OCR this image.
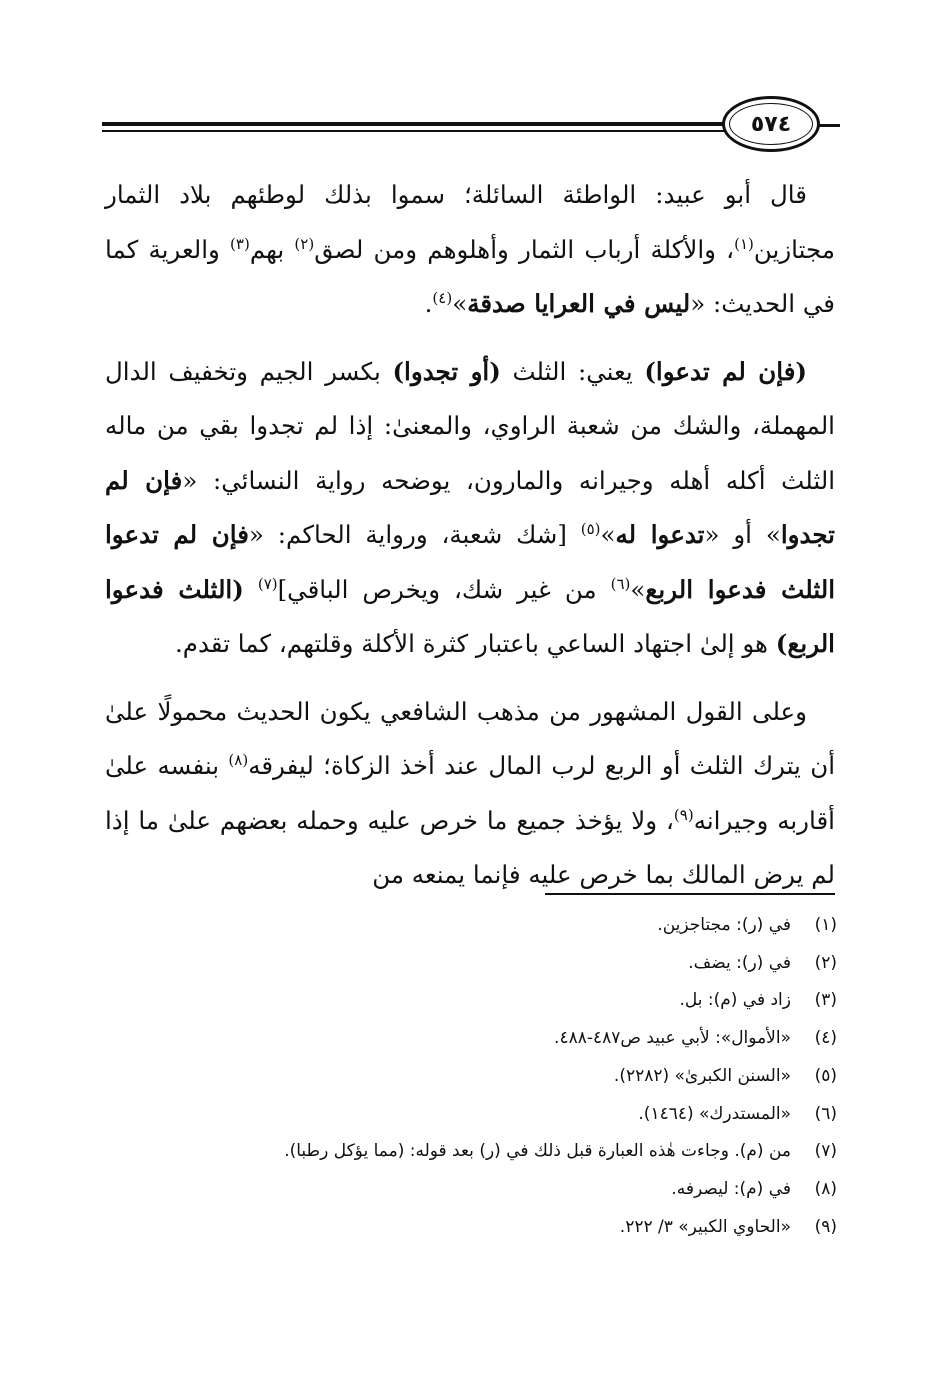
٥٧٤

قال أبو عبيد: الواطئة السائلة؛ سموا بذلك لوطئهم بلاد الثمار مجتازين$^{(١)}$، والأكلة أرباب الثمار وأهلوهم ومن لصق$^{(٢)}$ بهم$^{(٣)}$ والعرية كما في الحديث: «ليس في العرايا صدقة»$^{(٤)}$.

(فإن لم تدعوا) يعني: الثلث (أو تجدوا) بكسر الجيم وتخفيف الدال المهملة، والشك من شعبة الراوي، والمعنىٰ: إذا لم تجدوا بقي من ماله الثلث أكله أهله وجيرانه والمارون، يوضحه رواية النسائي: «فإن لم تجدوا» أو «تدعوا له»$^{(٥)}$ [شك شعبة، ورواية الحاكم: «فإن لم تدعوا الثلث فدعوا الربع»$^{(٦)}$ من غير شك، ويخرص الباقي]$^{(٧)}$ (الثلث فدعوا الربع) هو إلىٰ اجتهاد الساعي باعتبار كثرة الأكلة وقلتهم، كما تقدم.

وعلى القول المشهور من مذهب الشافعي يكون الحديث محمولًا علىٰ أن يترك الثلث أو الربع لرب المال عند أخذ الزكاة؛ ليفرقه$^{(٨)}$ بنفسه علىٰ أقاربه وجيرانه$^{(٩)}$، ولا يؤخذ جميع ما خرص عليه وحمله بعضهم علىٰ ما إذا لم يرض المالك بما خرص عليه فإنما يمنعه من

(١)في (ر): مجتاجزين.
(٢)في (ر): يضف.
(٣)زاد في (م): بل.
(٤)«الأموال»: لأبي عبيد ص٤٨٧-٤٨٨.
(٥)«السنن الكبرىٰ» (٢٢٨٢).
(٦)«المستدرك» (١٤٦٤).
(٧)من (م). وجاءت هٰذه العبارة قبل ذلك في (ر) بعد قوله: (مما يؤكل رطبا).
(٨)في (م): ليصرفه.
(٩)«الحاوي الكبير» ٣/ ٢٢٢.
